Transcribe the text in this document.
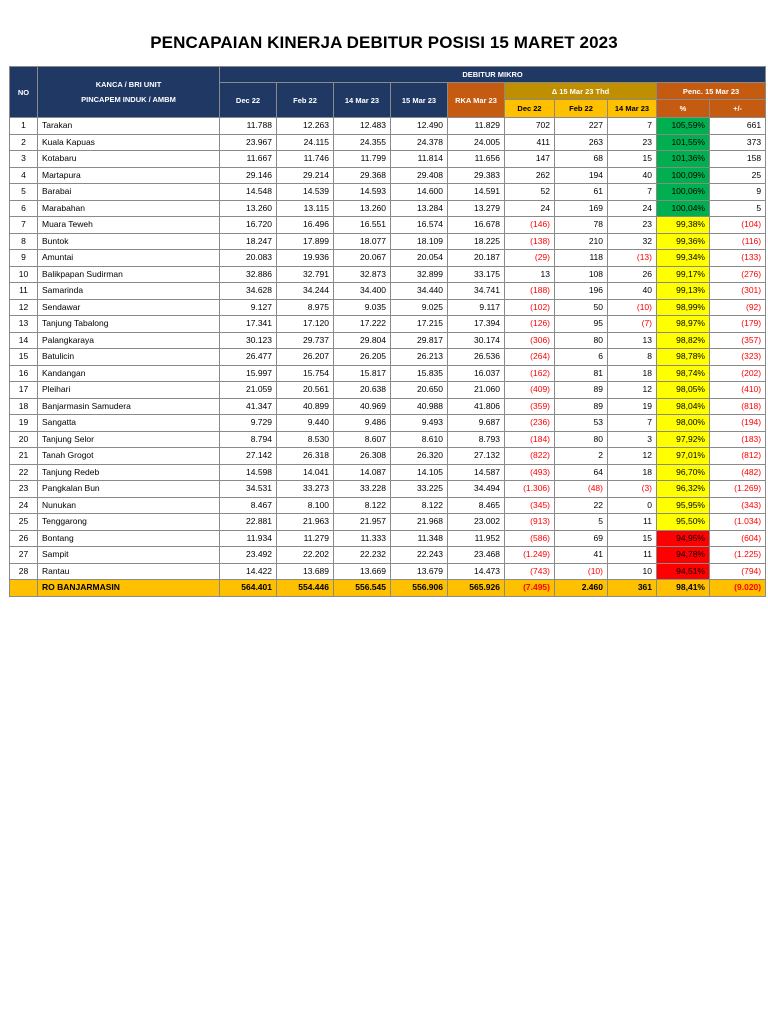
PENCAPAIAN KINERJA DEBITUR POSISI 15 MARET 2023
NO	KANCA / BRI UNIT
PINCAPEM INDUK / AMBM	DEBITUR MIKRO									
		Dec 22	Feb 22	14 Mar 23	15 Mar 23	RKA Mar 23	Δ 15 Mar 23 Thd			Penc. 15 Mar 23	
							Dec 22	Feb 22	14 Mar 23	%	+/-
1	Tarakan	11.788	12.263	12.483	12.490	11.829	702	227	7	105,59%	661
2	Kuala Kapuas	23.967	24.115	24.355	24.378	24.005	411	263	23	101,55%	373
3	Kotabaru	11.667	11.746	11.799	11.814	11.656	147	68	15	101,36%	158
4	Martapura	29.146	29.214	29.368	29.408	29.383	262	194	40	100,09%	25
5	Barabai	14.548	14.539	14.593	14.600	14.591	52	61	7	100,06%	9
6	Marabahan	13.260	13.115	13.260	13.284	13.279	24	169	24	100,04%	5
7	Muara Teweh	16.720	16.496	16.551	16.574	16.678	(146)	78	23	99,38%	(104)
8	Buntok	18.247	17.899	18.077	18.109	18.225	(138)	210	32	99,36%	(116)
9	Amuntai	20.083	19.936	20.067	20.054	20.187	(29)	118	(13)	99,34%	(133)
10	Balikpapan Sudirman	32.886	32.791	32.873	32.899	33.175	13	108	26	99,17%	(276)
11	Samarinda	34.628	34.244	34.400	34.440	34.741	(188)	196	40	99,13%	(301)
12	Sendawar	9.127	8.975	9.035	9.025	9.117	(102)	50	(10)	98,99%	(92)
13	Tanjung Tabalong	17.341	17.120	17.222	17.215	17.394	(126)	95	(7)	98,97%	(179)
14	Palangkaraya	30.123	29.737	29.804	29.817	30.174	(306)	80	13	98,82%	(357)
15	Batulicin	26.477	26.207	26.205	26.213	26.536	(264)	6	8	98,78%	(323)
16	Kandangan	15.997	15.754	15.817	15.835	16.037	(162)	81	18	98,74%	(202)
17	Pleihari	21.059	20.561	20.638	20.650	21.060	(409)	89	12	98,05%	(410)
18	Banjarmasin Samudera	41.347	40.899	40.969	40.988	41.806	(359)	89	19	98,04%	(818)
19	Sangatta	9.729	9.440	9.486	9.493	9.687	(236)	53	7	98,00%	(194)
20	Tanjung Selor	8.794	8.530	8.607	8.610	8.793	(184)	80	3	97,92%	(183)
21	Tanah Grogot	27.142	26.318	26.308	26.320	27.132	(822)	2	12	97,01%	(812)
22	Tanjung Redeb	14.598	14.041	14.087	14.105	14.587	(493)	64	18	96,70%	(482)
23	Pangkalan Bun	34.531	33.273	33.228	33.225	34.494	(1.306)	(48)	(3)	96,32%	(1.269)
24	Nunukan	8.467	8.100	8.122	8.122	8.465	(345)	22	0	95,95%	(343)
25	Tenggarong	22.881	21.963	21.957	21.968	23.002	(913)	5	11	95,50%	(1.034)
26	Bontang	11.934	11.279	11.333	11.348	11.952	(586)	69	15	94,95%	(604)
27	Sampit	23.492	22.202	22.232	22.243	23.468	(1.249)	41	11	94,78%	(1.225)
28	Rantau	14.422	13.689	13.669	13.679	14.473	(743)	(10)	10	94,51%	(794)
	RO BANJARMASIN	564.401	554.446	556.545	556.906	565.926	(7.495)	2.460	361	98,41%	(9.020)
